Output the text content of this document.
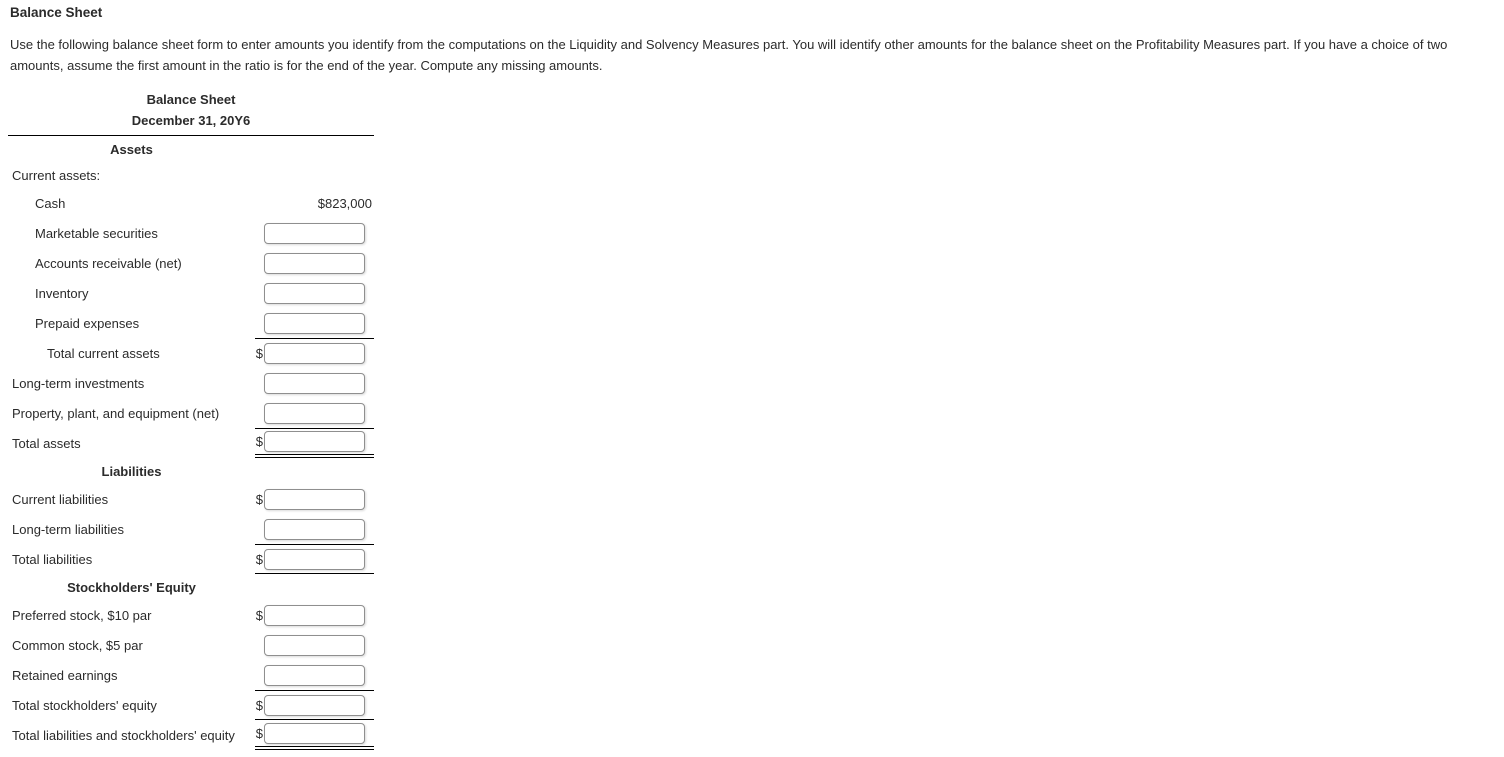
Balance Sheet
Use the following balance sheet form to enter amounts you identify from the computations on the Liquidity and Solvency Measures part. You will identify other amounts for the balance sheet on the Profitability Measures part. If you have a choice of two amounts, assume the first amount in the ratio is for the end of the year. Compute any missing amounts.
Balance Sheet
December 31, 20Y6
Assets
Current assets:
Cash	$823,000
Marketable securities
Accounts receivable (net)
Inventory
Prepaid expenses
Total current assets	$
Long-term investments
Property, plant, and equipment (net)
Total assets	$
Liabilities
Current liabilities	$
Long-term liabilities
Total liabilities	$
Stockholders' Equity
Preferred stock, $10 par	$
Common stock, $5 par
Retained earnings
Total stockholders' equity	$
Total liabilities and stockholders' equity	$
